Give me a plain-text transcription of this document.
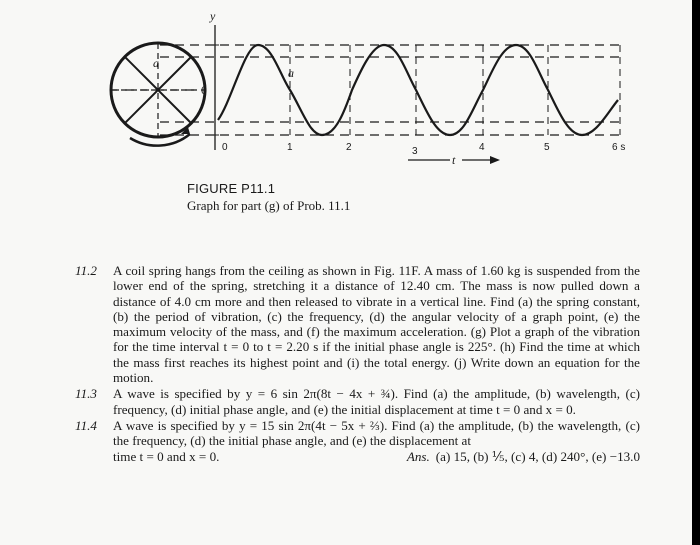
a
y
0
a
0	1	2	3	4	5	6 s
t
FIGURE P11.1
Graph for part (g) of Prob. 11.1
11.2	A coil spring hangs from the ceiling as shown in Fig. 11F. A mass of 1.60 kg is suspended from the lower end of the spring, stretching it a distance of 12.40 cm. The mass is now pulled down a distance of 4.0 cm more and then released to vibrate in a vertical line. Find (a) the spring constant, (b) the period of vibration, (c) the frequency, (d) the angular velocity of a graph point, (e) the maximum velocity of the mass, and (f) the maximum acceleration. (g) Plot a graph of the vibration for the time interval t = 0 to t = 2.20 s if the initial phase angle is 225°. (h) Find the time at which the mass first reaches its highest point and (i) the total energy. (j) Write down an equation for the motion.
11.3	A wave is specified by y = 6 sin 2π(8t − 4x + ¾). Find (a) the amplitude, (b) wavelength, (c) frequency, (d) initial phase angle, and (e) the initial displacement at time t = 0 and x = 0.
11.4	A wave is specified by y = 15 sin 2π(4t − 5x + ⅔). Find (a) the amplitude, (b) the wavelength, (c) the frequency, (d) the initial phase angle, and (e) the displacement at
time t = 0 and x = 0.	Ans. (a) 15, (b) ⅕, (c) 4, (d) 240°, (e) −13.0
